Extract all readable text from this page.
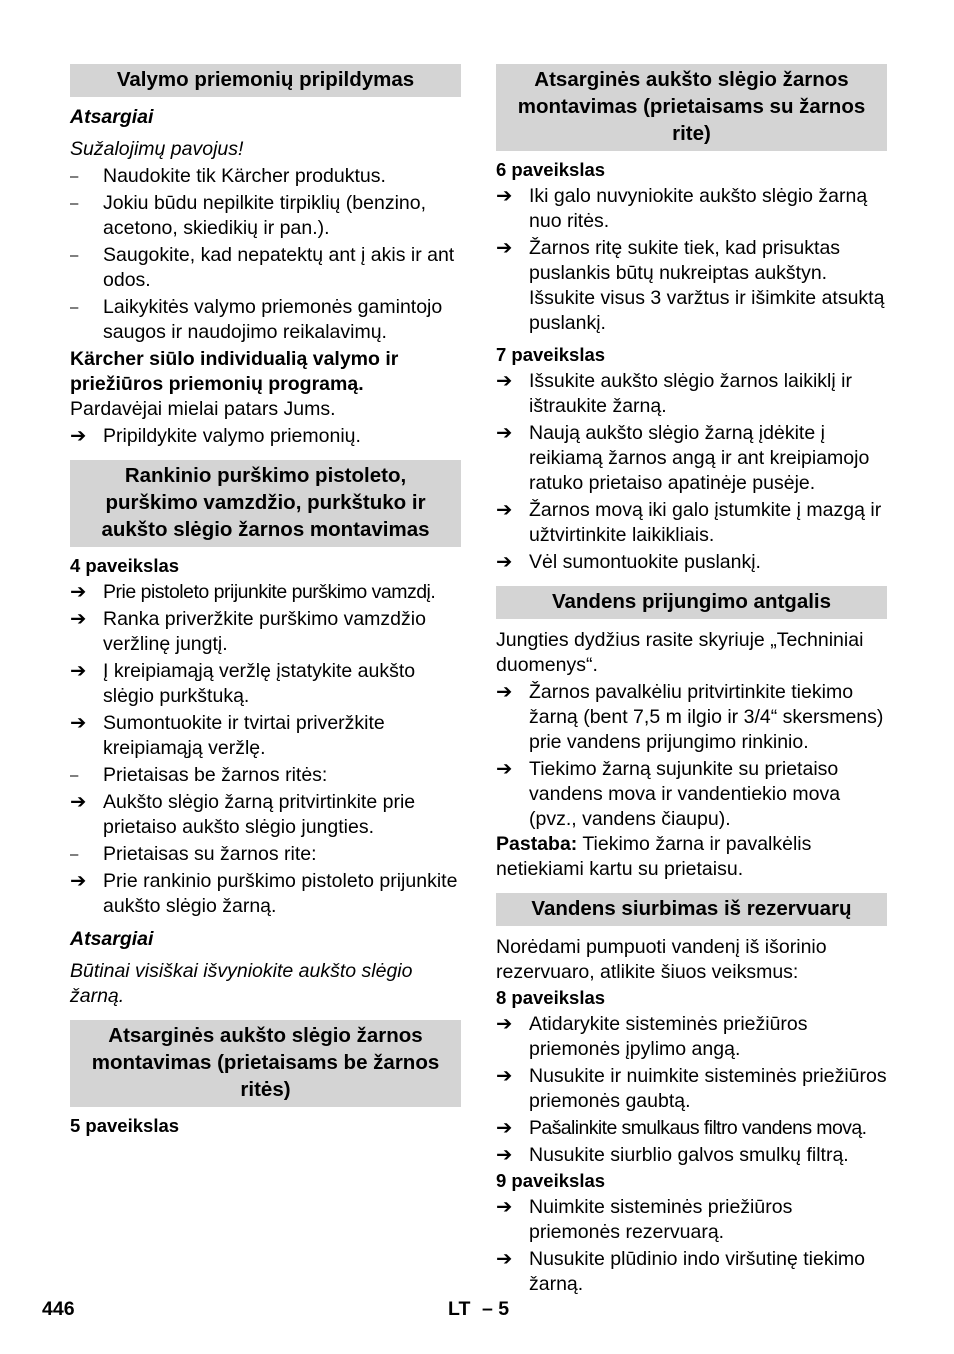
Valymo priemonių pripildymas

Atsargiai

Sužalojimų pavojus!

–	Naudokite tik Kärcher produktus.
–	Jokiu būdu nepilkite tirpiklių (benzino, acetono, skiedikių ir pan.).
–	Saugokite, kad nepatektų ant į akis ir ant odos.
–	Laikykitės valymo priemonės gamintojo saugos ir naudojimo reikalavimų.

Kärcher siūlo individualią valymo ir priežiūros priemonių programą.

Pardavėjai mielai patars Jums.

➔ Pripildykite valymo priemonių.
Rankinio purškimo pistoleto, purškimo vamzdžio, purkštuko ir aukšto slėgio žarnos montavimas

4 paveikslas

➔ Prie pistoleto prijunkite purškimo vamzdį.
➔ Ranka priveržkite purškimo vamzdžio veržlinę jungtį.
➔ Į kreipiamąją veržlę įstatykite aukšto slėgio purkštuką.
➔ Sumontuokite ir tvirtai priveržkite kreipiamąją veržlę.
–	Prietaisas be žarnos ritės:
➔ Aukšto slėgio žarną pritvirtinkite prie prietaiso aukšto slėgio jungties.
–	Prietaisas su žarnos rite:
➔ Prie rankinio purškimo pistoleto prijunkite aukšto slėgio žarną.

Atsargiai

Būtinai visiškai išvyniokite aukšto slėgio žarną.

Atsarginės aukšto slėgio žarnos montavimas (prietaisams be žarnos ritės)

5 paveikslas

Atsarginės aukšto slėgio žarnos montavimas (prietaisams su žarnos rite)

6 paveikslas

➔ Iki galo nuvyniokite aukšto slėgio žarną nuo ritės.
➔ Žarnos ritę sukite tiek, kad prisuktas puslankis būtų nukreiptas aukštyn. Išsukite visus 3 varžtus ir išimkite atsuktą puslankį.

7 paveikslas

➔ Išsukite aukšto slėgio žarnos laikiklį ir ištraukite žarną.
➔ Naują aukšto slėgio žarną įdėkite į reikiamą žarnos angą ir ant kreipiamojo ratuko prietaiso apatinėje pusėje.
➔ Žarnos movą iki galo įstumkite į mazgą ir užtvirtinkite laikikliais.
➔ Vėl sumontuokite puslankį.
Vandens prijungimo antgalis

Jungties dydžius rasite skyriuje „Techniniai duomenys“.

➔ Žarnos pavalkėliu pritvirtinkite tiekimo žarną (bent 7,5 m ilgio ir 3/4“ skersmens) prie vandens prijungimo rinkinio.
➔ Tiekimo žarną sujunkite su prietaiso vandens mova ir vandentiekio mova (pvz., vandens čiaupu).

Pastaba: Tiekimo žarna ir pavalkėlis netiekiami kartu su prietaisu.

Vandens siurbimas iš rezervuarų

Norėdami pumpuoti vandenį iš išorinio rezervuaro, atlikite šiuos veiksmus:

8 paveikslas

➔ Atidarykite sisteminės priežiūros priemonės įpylimo angą.
➔ Nusukite ir nuimkite sisteminės priežiūros priemonės gaubtą.
➔ Pašalinkite smulkaus filtro vandens movą.
➔ Nusukite siurblio galvos smulkų filtrą.

9 paveikslas

➔ Nuimkite sisteminės priežiūros priemonės rezervuarą.
➔ Nusukite plūdinio indo viršutinę tiekimo žarną.
446	LT – 5
